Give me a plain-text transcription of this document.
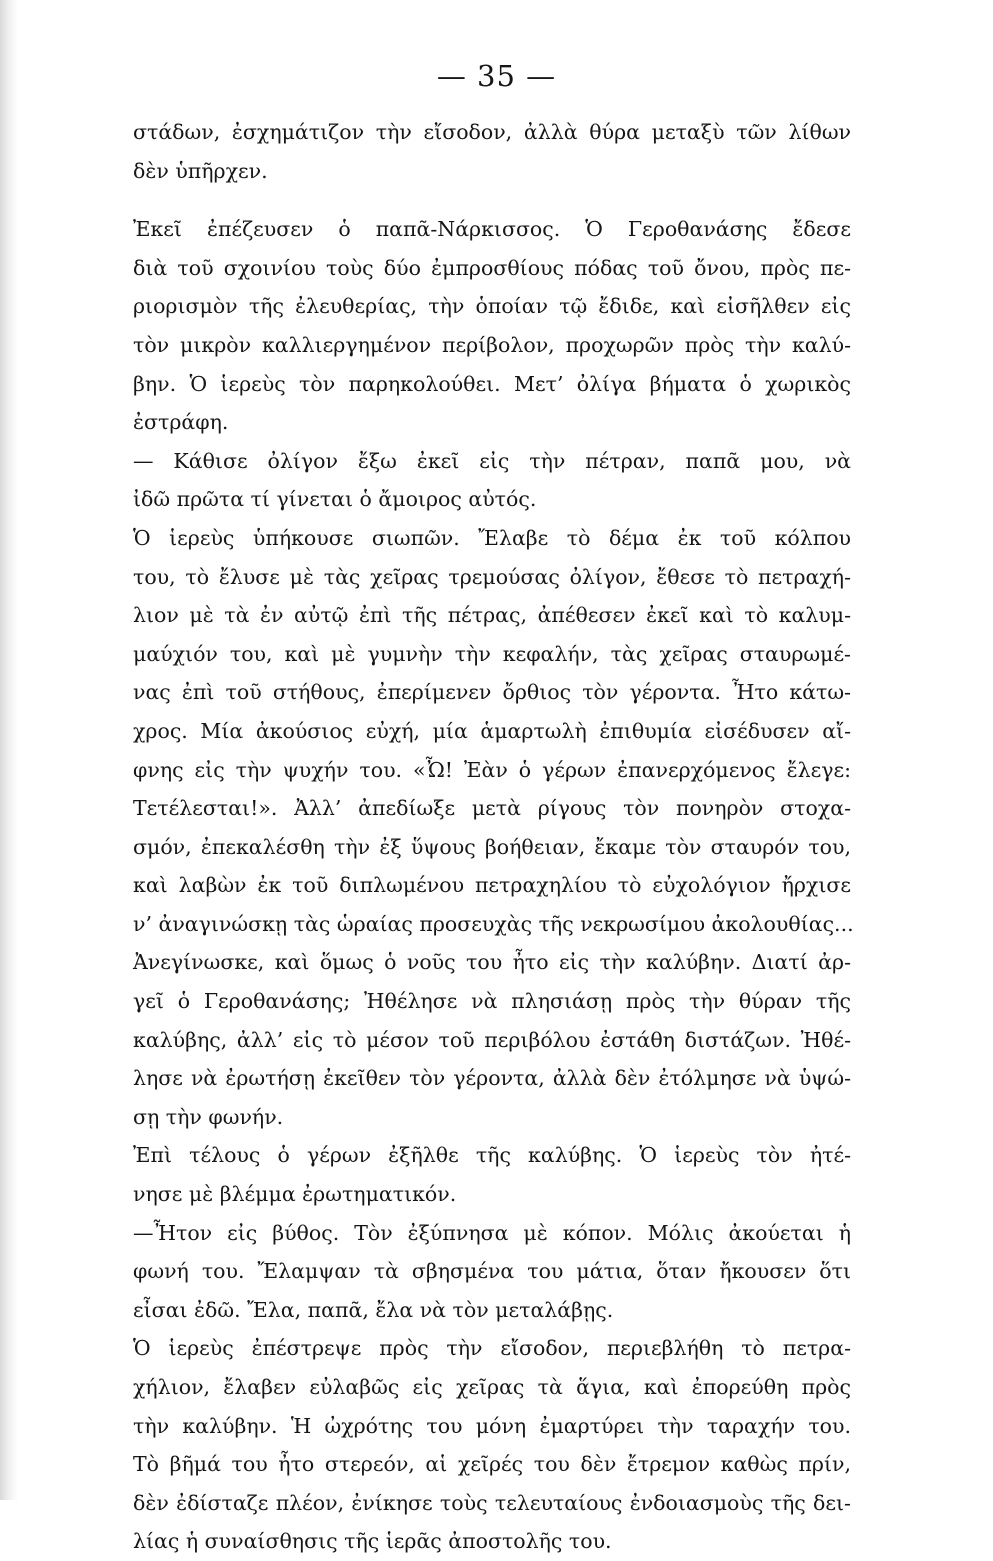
— 35 —
στάδων, ἐσχημάτιζον τὴν εἴσοδον, ἀλλὰ θύρα μεταξὺ τῶν λίθων
δὲν ὑπῆρχεν.
Ἐκεῖ ἐπέζευσεν ὁ παπᾶ-Νάρκισσος. Ὁ Γεροθανάσης ἔδεσε
διὰ τοῦ σχοινίου τοὺς δύο ἐμπροσθίους πόδας τοῦ ὄνου, πρὸς πε-
ριορισμὸν τῆς ἐλευθερίας, τὴν ὁποίαν τῷ ἔδιδε, καὶ εἰσῆλθεν εἰς
τὸν μικρὸν καλλιεργημένον περίβολον, προχωρῶν πρὸς τὴν καλύ-
βην. Ὁ ἱερεὺς τὸν παρηκολούθει. Μετ’ ὀλίγα βήματα ὁ χωρικὸς
ἐστράφη.
— Κάθισε ὀλίγον ἔξω ἐκεῖ εἰς τὴν πέτραν, παπᾶ μου, νὰ
ἰδῶ πρῶτα τί γίνεται ὁ ἄμοιρος αὐτός.
Ὁ ἱερεὺς ὑπήκουσε σιωπῶν. Ἔλαβε τὸ δέμα ἐκ τοῦ κόλπου
του, τὸ ἔλυσε μὲ τὰς χεῖρας τρεμούσας ὀλίγον, ἔθεσε τὸ πετραχή-
λιον μὲ τὰ ἐν αὐτῷ ἐπὶ τῆς πέτρας, ἀπέθεσεν ἐκεῖ καὶ τὸ καλυμ-
μαύχιόν του, καὶ μὲ γυμνὴν τὴν κεφαλήν, τὰς χεῖρας σταυρωμέ-
νας ἐπὶ τοῦ στήθους, ἐπερίμενεν ὄρθιος τὸν γέροντα. Ἦτο κάτω-
χρος. Μία ἀκούσιος εὐχή, μία ἁμαρτωλὴ ἐπιθυμία εἰσέδυσεν αἴ-
φνης εἰς τὴν ψυχήν του. «Ὦ! Ἐὰν ὁ γέρων ἐπανερχόμενος ἔλεγε:
Τετέλεσται!». Ἀλλ’ ἀπεδίωξε μετὰ ρίγους τὸν πονηρὸν στοχα-
σμόν, ἐπεκαλέσθη τὴν ἐξ ὕψους βοήθειαν, ἔκαμε τὸν σταυρόν του,
καὶ λαβὼν ἐκ τοῦ διπλωμένου πετραχηλίου τὸ εὐχολόγιον ἤρχισε
ν’ ἀναγινώσκῃ τὰς ὡραίας προσευχὰς τῆς νεκρωσίμου ἀκολουθίας...
Ἀνεγίνωσκε, καὶ ὅμως ὁ νοῦς του ἦτο εἰς τὴν καλύβην. Διατί ἀρ-
γεῖ ὁ Γεροθανάσης; Ἠθέλησε νὰ πλησιάσῃ πρὸς τὴν θύραν τῆς
καλύβης, ἀλλ’ εἰς τὸ μέσον τοῦ περιβόλου ἐστάθη διστάζων. Ἠθέ-
λησε νὰ ἐρωτήσῃ ἐκεῖθεν τὸν γέροντα, ἀλλὰ δὲν ἐτόλμησε νὰ ὑψώ-
σῃ τὴν φωνήν.
Ἐπὶ τέλους ὁ γέρων ἐξῆλθε τῆς καλύβης. Ὁ ἱερεὺς τὸν ἠτέ-
νησε μὲ βλέμμα ἐρωτηματικόν.
—Ἦτον εἰς βύθος. Τὸν ἐξύπνησα μὲ κόπον. Μόλις ἀκούεται ἡ
φωνή του. Ἔλαμψαν τὰ σβησμένα του μάτια, ὅταν ἤκουσεν ὅτι
εἶσαι ἐδῶ. Ἔλα, παπᾶ, ἔλα νὰ τὸν μεταλάβῃς.
Ὁ ἱερεὺς ἐπέστρεψε πρὸς τὴν εἴσοδον, περιεβλήθη τὸ πετρα-
χήλιον, ἔλαβεν εὐλαβῶς εἰς χεῖρας τὰ ἅγια, καὶ ἐπορεύθη πρὸς
τὴν καλύβην. Ἡ ὠχρότης του μόνη ἐμαρτύρει τὴν ταραχήν του.
Τὸ βῆμά του ἦτο στερεόν, αἱ χεῖρές του δὲν ἔτρεμον καθὼς πρίν,
δὲν ἐδίσταζε πλέον, ἐνίκησε τοὺς τελευταίους ἐνδοιασμοὺς τῆς δει-
λίας ἡ συναίσθησις τῆς ἱερᾶς ἀποστολῆς του.
